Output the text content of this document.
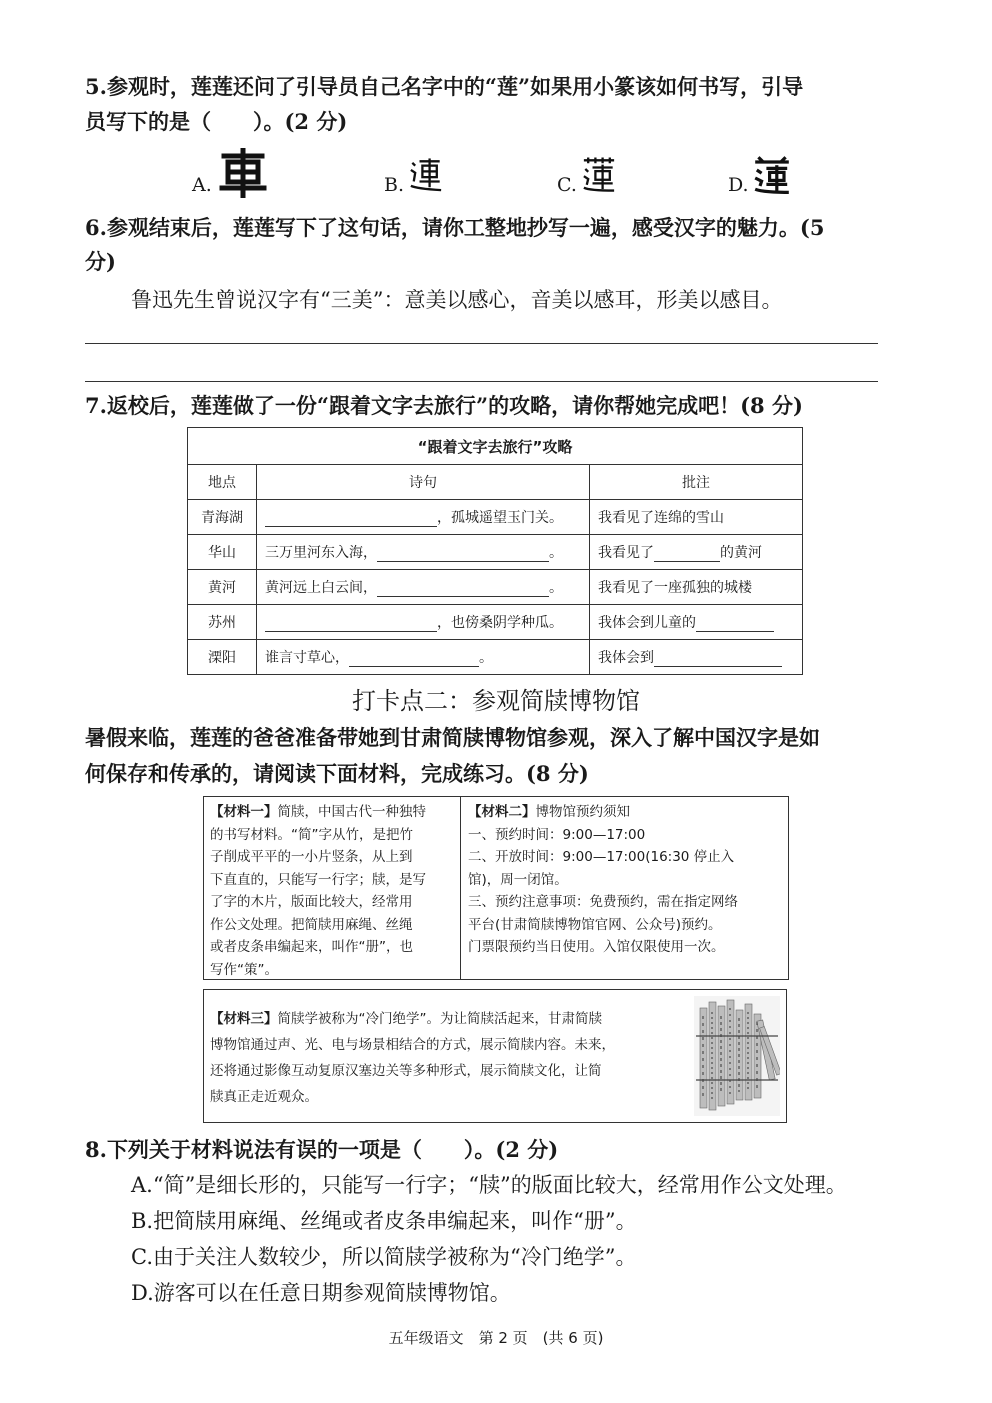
5.参观时，莲莲还问了引导员自己名字中的“莲”如果用小篆该如何书写，引导
员写下的是（　　）。(2 分)
A.	B.	C.	D.
6.参观结束后，莲莲写下了这句话，请你工整地抄写一遍，感受汉字的魅力。(5
分)
鲁迅先生曾说汉字有“三美”：意美以感心，音美以感耳，形美以感目。
7.返校后，莲莲做了一份“跟着文字去旅行”的攻略，请你帮她完成吧！(8 分)
“跟着文字去旅行”攻略		
地点	诗句	批注
青海湖	，孤城遥望玉门关。	我看见了连绵的雪山
华山	三万里河东入海， 。	我看见了 的黄河
黄河	黄河远上白云间， 。	我看见了一座孤独的城楼
苏州	，也傍桑阴学种瓜。	我体会到儿童的
溧阳	谁言寸草心， 。	我体会到
打卡点二：参观简牍博物馆
暑假来临，莲莲的爸爸准备带她到甘肃简牍博物馆参观，深入了解中国汉字是如
何保存和传承的，请阅读下面材料，完成练习。(8 分)
【材料一】简牍，中国古代一种独特
的书写材料。“简”字从竹，是把竹
子削成平平的一小片竖条，从上到
下直直的，只能写一行字；牍，是写
了字的木片，版面比较大，经常用
作公文处理。把简牍用麻绳、丝绳
或者皮条串编起来，叫作“册”，也
写作“策”。
【材料二】博物馆预约须知
一、预约时间：9:00—17:00
二、开放时间：9:00—17:00(16:30 停止入
馆)，周一闭馆。
三、预约注意事项：免费预约，需在指定网络
平台(甘肃简牍博物馆官网、公众号)预约。
门票限预约当日使用。入馆仅限使用一次。
【材料三】简牍学被称为“冷门绝学”。为让简牍活起来，甘肃简牍
博物馆通过声、光、电与场景相结合的方式，展示简牍内容。未来，
还将通过影像互动复原汉塞边关等多种形式，展示简牍文化，让简
牍真正走近观众。
8.下列关于材料说法有误的一项是（　　）。(2 分)
A.“简”是细长形的，只能写一行字；“牍”的版面比较大，经常用作公文处理。
B.把简牍用麻绳、丝绳或者皮条串编起来，叫作“册”。
C.由于关注人数较少，所以简牍学被称为“冷门绝学”。
D.游客可以在任意日期参观简牍博物馆。
五年级语文　第 2 页　(共 6 页)
